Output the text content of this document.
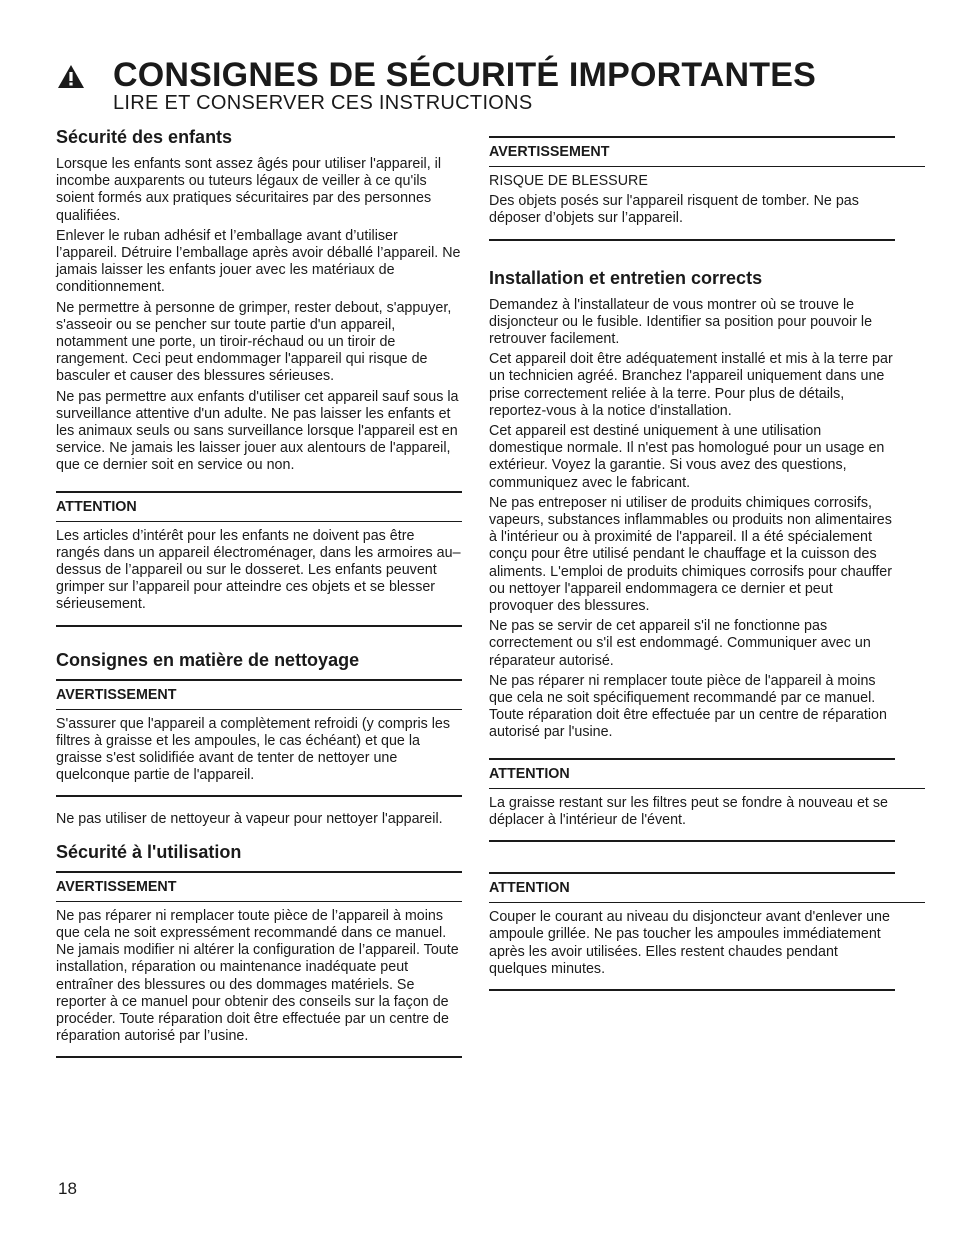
CONSIGNES DE SÉCURITÉ IMPORTANTES
LIRE ET CONSERVER CES INSTRUCTIONS
Sécurité des enfants

Lorsque les enfants sont assez âgés pour utiliser l'appareil, il incombe auxparents ou tuteurs légaux de veiller à ce qu'ils soient formés aux pratiques sécuritaires par des personnes qualifiées.

Enlever le ruban adhésif et l’emballage avant d’utiliser l’appareil. Détruire l’emballage après avoir déballé l’appareil. Ne jamais laisser les enfants jouer avec les matériaux de conditionnement.

Ne permettre à personne de grimper, rester debout, s'appuyer, s'asseoir ou se pencher sur toute partie d'un appareil, notamment une porte, un tiroir-réchaud ou un tiroir de rangement. Ceci peut endommager l'appareil qui risque de basculer et causer des blessures sérieuses.

Ne pas permettre aux enfants d'utiliser cet appareil sauf sous la surveillance attentive d'un adulte. Ne pas laisser les enfants et les animaux seuls ou sans surveillance lorsque l'appareil est en service. Ne jamais les laisser jouer aux alentours de l'appareil, que ce dernier soit en service ou non.

ATTENTION

Les articles d’intérêt pour les enfants ne doivent pas être rangés dans un appareil électroménager, dans les armoires au–dessus de l’appareil ou sur le dosseret. Les enfants peuvent grimper sur l’appareil pour atteindre ces objets et se blesser sérieusement.

Consignes en matière de nettoyage
AVERTISSEMENT

S'assurer que l'appareil a complètement refroidi (y compris les filtres à graisse et les ampoules, le cas échéant) et que la graisse s'est solidifiée avant de tenter de nettoyer une quelconque partie de l'appareil.

Ne pas utiliser de nettoyeur à vapeur pour nettoyer l'appareil.

Sécurité à l'utilisation
AVERTISSEMENT

Ne pas réparer ni remplacer toute pièce de l’appareil à moins que cela ne soit expressément recommandé dans ce manuel. Ne jamais modifier ni altérer la configuration de l’appareil. Toute installation, réparation ou maintenance inadéquate peut entraîner des blessures ou des dommages matériels. Se reporter à ce manuel pour obtenir des conseils sur la façon de procéder. Toute réparation doit être effectuée par un centre de réparation autorisé par l’usine.

AVERTISSEMENT

RISQUE DE BLESSURE

Des objets posés sur l'appareil risquent de tomber. Ne pas déposer d’objets sur l’appareil.

Installation et entretien corrects

Demandez à l'installateur de vous montrer où se trouve le disjoncteur ou le fusible. Identifier sa position pour pouvoir le retrouver facilement.

Cet appareil doit être adéquatement installé et mis à la terre par un technicien agréé. Branchez l'appareil uniquement dans une prise correctement reliée à la terre. Pour plus de détails, reportez-vous à la notice d'installation.

Cet appareil est destiné uniquement à une utilisation domestique normale. Il n'est pas homologué pour un usage en extérieur. Voyez la garantie. Si vous avez des questions, communiquez avec le fabricant.

Ne pas entreposer ni utiliser de produits chimiques corrosifs, vapeurs, substances inflammables ou produits non alimentaires à l'intérieur ou à proximité de l'appareil. Il a été spécialement conçu pour être utilisé pendant le chauffage et la cuisson des aliments. L'emploi de produits chimiques corrosifs pour chauffer ou nettoyer l'appareil endommagera ce dernier et peut provoquer des blessures.

Ne pas se servir de cet appareil s'il ne fonctionne pas correctement ou s'il est endommagé. Communiquer avec un réparateur autorisé.

Ne pas réparer ni remplacer toute pièce de l'appareil à moins que cela ne soit spécifiquement recommandé par ce manuel. Toute réparation doit être effectuée par un centre de réparation autorisé par l'usine.

ATTENTION

La graisse restant sur les filtres peut se fondre à nouveau et se déplacer à l'intérieur de l'évent.

ATTENTION

Couper le courant au niveau du disjoncteur avant d'enlever une ampoule grillée. Ne pas toucher les ampoules immédiatement après les avoir utilisées. Elles restent chaudes pendant quelques minutes.

18
